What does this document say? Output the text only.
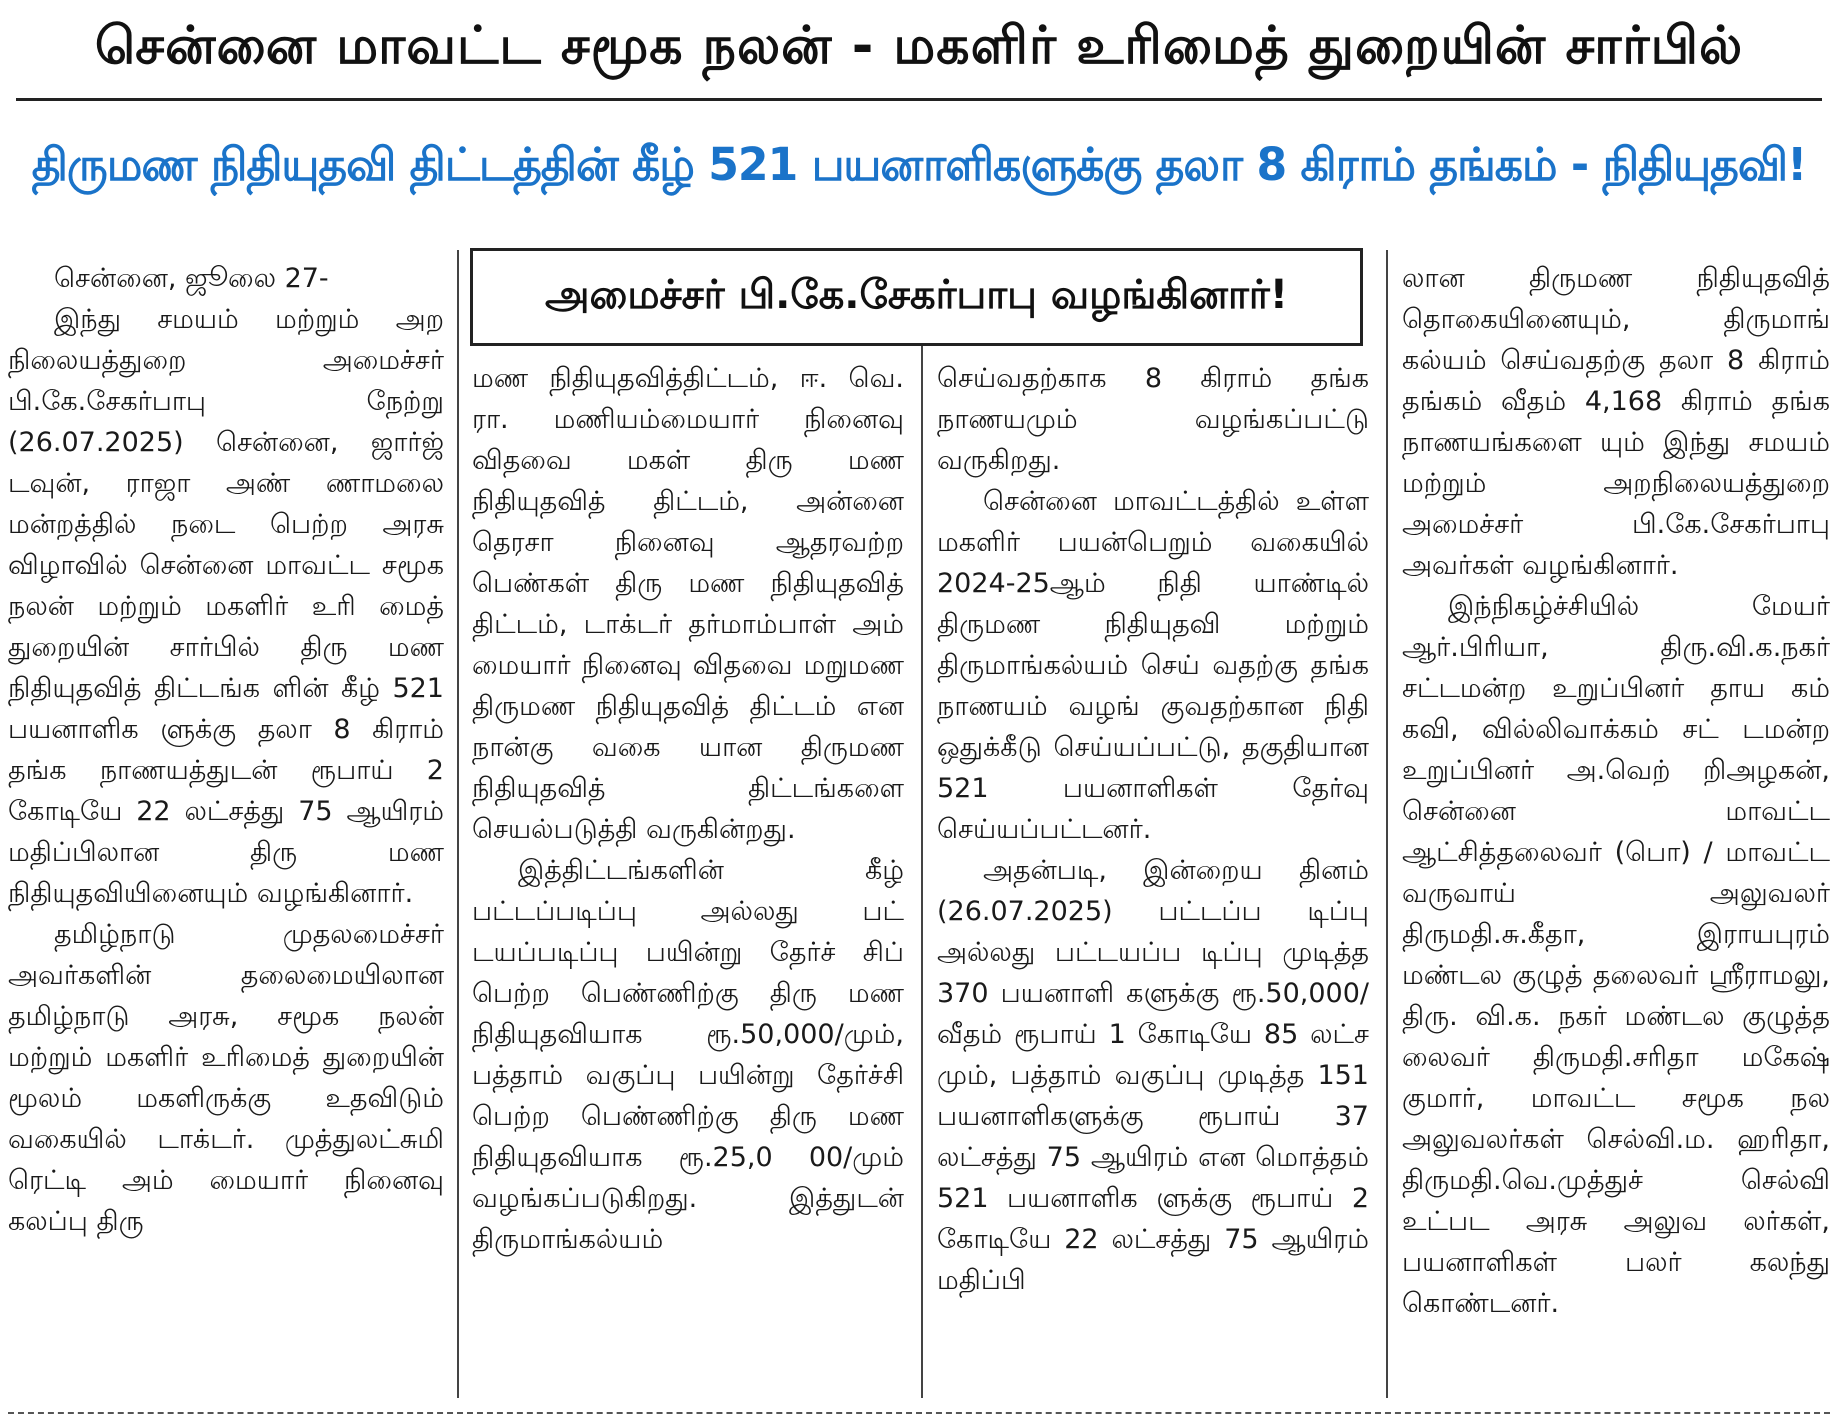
சென்னை மாவட்ட சமூக நலன் - மகளிர் உரிமைத் துறையின் சார்பில்
திருமண நிதியுதவி திட்டத்தின் கீழ் 521 பயனாளிகளுக்கு தலா 8 கிராம் தங்கம் - நிதியுதவி!
அமைச்சர் பி.கே.சேகர்பாபு வழங்கினார்!

சென்னை, ஜூலை 27-

இந்து சமயம் மற்றும் அற நிலையத்துறை அமைச்சர் பி.கே.சேகர்பாபு நேற்று (26.07.2025) சென்னை, ஜார்ஜ் டவுன், ராஜா அண் ணாமலை மன்றத்தில் நடை பெற்ற அரசு விழாவில் சென்னை மாவட்ட சமூக நலன் மற்றும் மகளிர் உரி மைத் துறையின் சார்பில் திரு மண நிதியுதவித் திட்டங்க ளின் கீழ் 521 பயனாளிக ளுக்கு தலா 8 கிராம் தங்க நாணயத்துடன் ரூபாய் 2 கோடியே 22 லட்சத்து 75 ஆயிரம் மதிப்பிலான திரு மண நிதியுதவியினையும் வழங்கினார்.

தமிழ்நாடு முதலமைச்சர் அவர்களின் தலைமையிலான தமிழ்நாடு அரசு, சமூக நலன் மற்றும் மகளிர் உரிமைத் துறையின் மூலம் மகளிருக்கு உதவிடும் வகையில் டாக்டர். முத்துலட்சுமி ரெட்டி அம் மையார் நினைவு கலப்பு திரு

மண நிதியுதவித்திட்டம், ஈ. வெ. ரா. மணியம்மையார் நினைவு விதவை மகள் திரு மண நிதியுதவித் திட்டம், அன்னை தெரசா நினைவு ஆதரவற்ற பெண்கள் திரு மண நிதியுதவித் திட்டம், டாக்டர் தர்மாம்பாள் அம் மையார் நினைவு விதவை மறுமண திருமண நிதியுதவித் திட்டம் என நான்கு வகை யான திருமண நிதியுதவித் திட்டங்களை செயல்படுத்தி வருகின்றது.

இத்திட்டங்களின் கீழ் பட்டப்படிப்பு அல்லது பட் டயப்படிப்பு பயின்று தேர்ச் சிப் பெற்ற பெண்ணிற்கு திரு மண நிதியுதவியாக ரூ.50,000/மும், பத்தாம் வகுப்பு பயின்று தேர்ச்சி பெற்ற பெண்ணிற்கு திரு மண நிதியுதவியாக ரூ.25,0 00/மும் வழங்கப்படுகிறது. இத்துடன் திருமாங்கல்யம்

செய்வதற்காக 8 கிராம் தங்க நாணயமும் வழங்கப்பட்டு வருகிறது.

சென்னை மாவட்டத்தில் உள்ள மகளிர் பயன்பெறும் வகையில் 2024-25ஆம் நிதி யாண்டில் திருமண நிதியுதவி மற்றும் திருமாங்கல்யம் செய் வதற்கு தங்க நாணயம் வழங் குவதற்கான நிதி ஒதுக்கீடு செய்யப்பட்டு, தகுதியான 521 பயனாளிகள் தேர்வு செய்யப்பட்டனர்.

அதன்படி, இன்றைய தினம் (26.07.2025) பட்டப்ப டிப்பு அல்லது பட்டயப்ப டிப்பு முடித்த 370 பயனாளி களுக்கு ரூ.50,000/வீதம் ரூபாய் 1 கோடியே 85 லட்ச மும், பத்தாம் வகுப்பு முடித்த 151 பயனாளிகளுக்கு ரூபாய் 37 லட்சத்து 75 ஆயிரம் என மொத்தம் 521 பயனாளிக ளுக்கு ரூபாய் 2 கோடியே 22 லட்சத்து 75 ஆயிரம் மதிப்பி

லான திருமண நிதியுதவித் தொகையினையும், திருமாங் கல்யம் செய்வதற்கு தலா 8 கிராம் தங்கம் வீதம் 4,168 கிராம் தங்க நாணயங்களை யும் இந்து சமயம் மற்றும் அறநிலையத்துறை அமைச்சர் பி.கே.சேகர்பாபு அவர்கள் வழங்கினார்.

இந்நிகழ்ச்சியில் மேயர் ஆர்.பிரியா, திரு.வி.க.நகர் சட்டமன்ற உறுப்பினர் தாய கம் கவி, வில்லிவாக்கம் சட் டமன்ற உறுப்பினர் அ.வெற் றிஅழகன், சென்னை மாவட்ட ஆட்சித்தலைவர் (பொ) / மாவட்ட வருவாய் அலுவலர் திருமதி.சு.கீதா, இராயபுரம் மண்டல குழுத் தலைவர் ஸ்ரீராமலு, திரு. வி.க. நகர் மண்டல குழுத்த லைவர் திருமதி.சரிதா மகேஷ் குமார், மாவட்ட சமூக நல அலுவலர்கள் செல்வி.ம. ஹரிதா, திருமதி.வெ.முத்துச் செல்வி உட்பட அரசு அலுவ லர்கள், பயனாளிகள் பலர் கலந்து கொண்டனர்.
